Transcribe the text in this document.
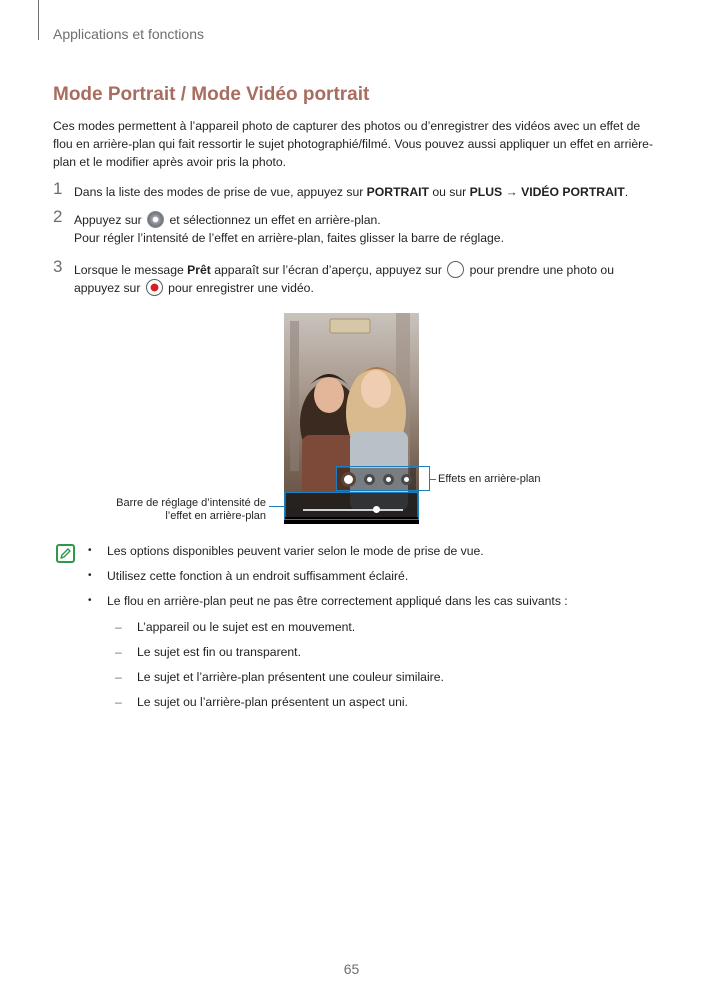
Applications et fonctions
Mode Portrait / Mode Vidéo portrait
Ces modes permettent à l’appareil photo de capturer des photos ou d’enregistrer des vidéos avec un effet de flou en arrière-plan qui fait ressortir le sujet photographié/filmé. Vous pouvez aussi appliquer un effet en arrière-plan et le modifier après avoir pris la photo.
1 Dans la liste des modes de prise de vue, appuyez sur PORTRAIT ou sur PLUS → VIDÉO PORTRAIT.
2 Appuyez sur  et sélectionnez un effet en arrière-plan.
Pour régler l’intensité de l’effet en arrière-plan, faites glisser la barre de réglage.
3 Lorsque le message Prêt apparaît sur l’écran d’aperçu, appuyez sur  pour prendre une photo ou appuyez sur  pour enregistrer une vidéo.
Effets en arrière-plan
Barre de réglage d’intensité de
l’effet en arrière-plan
• Les options disponibles peuvent varier selon le mode de prise de vue.
• Utilisez cette fonction à un endroit suffisamment éclairé.
• Le flou en arrière-plan peut ne pas être correctement appliqué dans les cas suivants :
– L’appareil ou le sujet est en mouvement.
– Le sujet est fin ou transparent.
– Le sujet et l’arrière-plan présentent une couleur similaire.
– Le sujet ou l’arrière-plan présentent un aspect uni.
65
